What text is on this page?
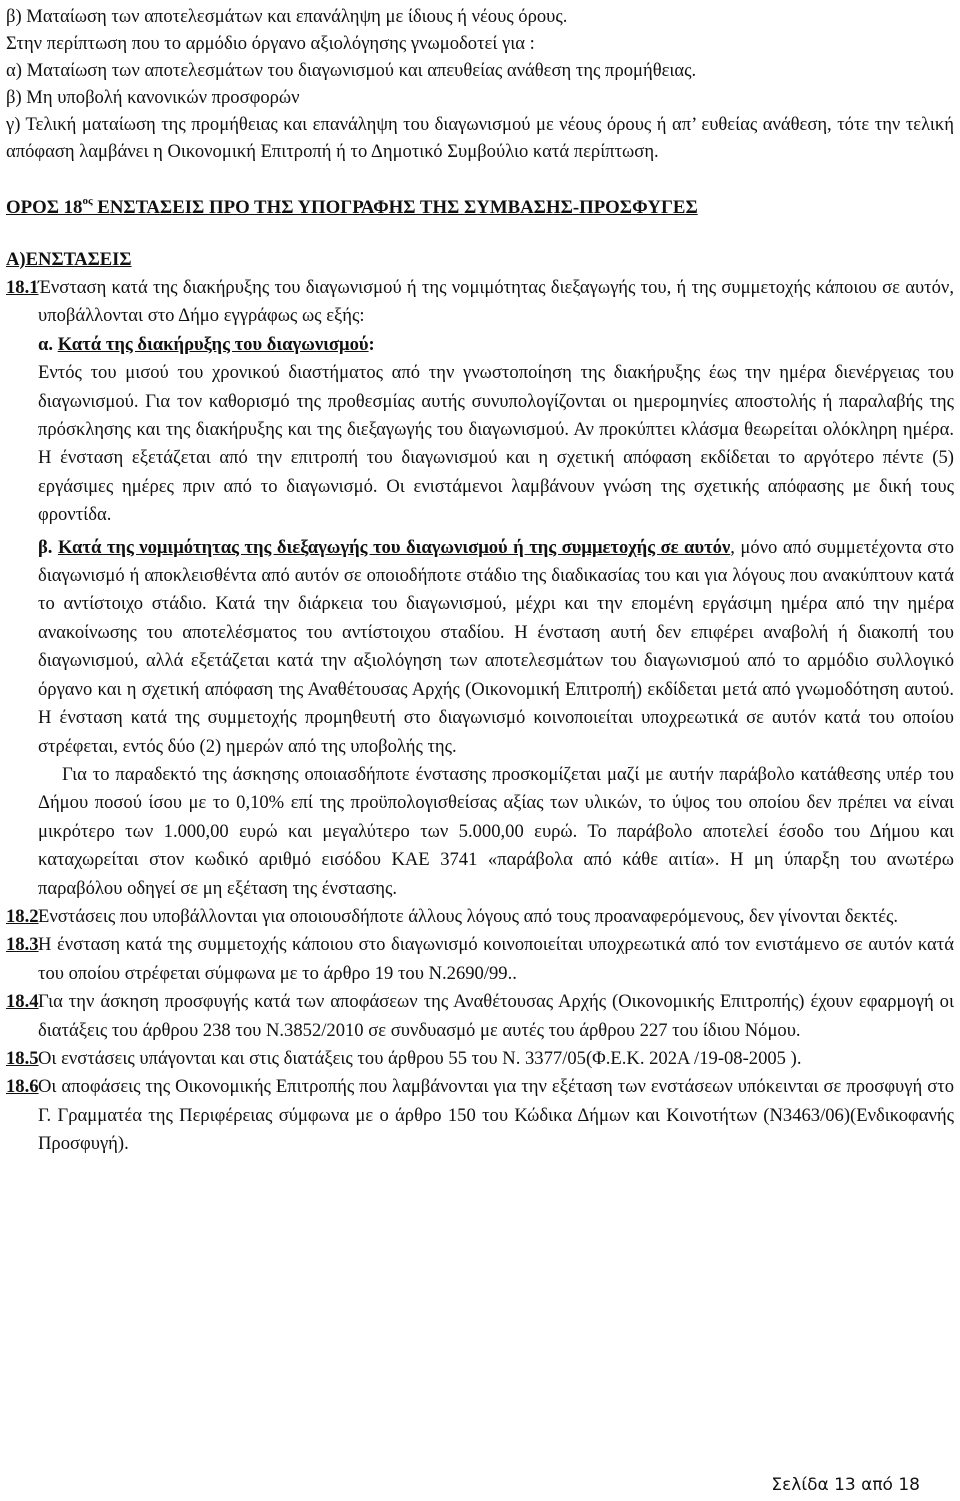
β) Ματαίωση των αποτελεσμάτων και επανάληψη με ίδιους ή νέους όρους.

Στην περίπτωση που το αρμόδιο όργανο αξιολόγησης γνωμοδοτεί για :

α) Ματαίωση των αποτελεσμάτων του διαγωνισμού και απευθείας ανάθεση της προμήθειας.

β) Μη υποβολή κανονικών προσφορών

γ) Τελική ματαίωση της προμήθειας και επανάληψη του διαγωνισμού με νέους όρους ή απ’ ευθείας ανάθεση, τότε την τελική απόφαση λαμβάνει η Οικονομική Επιτροπή ή το Δημοτικό Συμβούλιο κατά περίπτωση.

ΟΡΟΣ $18^{o\varsigma}$ ΕΝΣΤΑΣΕΙΣ ΠΡΟ ΤΗΣ ΥΠΟΓΡΑΦΗΣ ΤΗΣ ΣΥΜΒΑΣΗΣ-ΠΡΟΣΦΥΓΕΣ
Α)ΕΝΣΤΑΣΕΙΣ
18.1 Ένσταση κατά της διακήρυξης του διαγωνισμού ή της νομιμότητας διεξαγωγής του, ή της συμμετοχής κάποιου σε αυτόν, υποβάλλονται στο Δήμο εγγράφως ως εξής:

α. Κατά της διακήρυξης του διαγωνισμού:

Εντός του μισού του χρονικού διαστήματος από την γνωστοποίηση της διακήρυξης έως την ημέρα διενέργειας του διαγωνισμού. Για τον καθορισμό της προθεσμίας αυτής συνυπολογίζονται οι ημερομηνίες αποστολής ή παραλαβής της πρόσκλησης και της διακήρυξης και της διεξαγωγής του διαγωνισμού. Αν προκύπτει κλάσμα θεωρείται ολόκληρη ημέρα. Η ένσταση εξετάζεται από την επιτροπή του διαγωνισμού και η σχετική απόφαση εκδίδεται το αργότερο πέντε (5) εργάσιμες ημέρες πριν από το διαγωνισμό. Οι ενιστάμενοι λαμβάνουν γνώση της σχετικής απόφασης με δική τους φροντίδα.

β. Κατά της νομιμότητας της διεξαγωγής του διαγωνισμού ή της συμμετοχής σε αυτόν, μόνο από συμμετέχοντα στο διαγωνισμό ή αποκλεισθέντα από αυτόν σε οποιοδήποτε στάδιο της διαδικασίας του και για λόγους που ανακύπτουν κατά το αντίστοιχο στάδιο. Κατά την διάρκεια του διαγωνισμού, μέχρι και την επομένη εργάσιμη ημέρα από την ημέρα ανακοίνωσης του αποτελέσματος του αντίστοιχου σταδίου. Η ένσταση αυτή δεν επιφέρει αναβολή ή διακοπή του διαγωνισμού, αλλά εξετάζεται κατά την αξιολόγηση των αποτελεσμάτων του διαγωνισμού από το αρμόδιο συλλογικό όργανο και η σχετική απόφαση της Αναθέτουσας Αρχής (Οικονομική Επιτροπή) εκδίδεται μετά από γνωμοδότηση αυτού. Η ένσταση κατά της συμμετοχής προμηθευτή στο διαγωνισμό κοινοποιείται υποχρεωτικά σε αυτόν κατά του οποίου στρέφεται, εντός δύο (2) ημερών από της υποβολής της.

Για το παραδεκτό της άσκησης οποιασδήποτε ένστασης προσκομίζεται μαζί με αυτήν παράβολο κατάθεσης υπέρ του Δήμου ποσού ίσου με το 0,10% επί της προϋπολογισθείσας αξίας των υλικών, το ύψος του οποίου δεν πρέπει να είναι μικρότερο των 1.000,00 ευρώ και μεγαλύτερο των 5.000,00 ευρώ. Το παράβολο αποτελεί έσοδο του Δήμου και καταχωρείται στον κωδικό αριθμό εισόδου ΚΑΕ 3741 «παράβολα από κάθε αιτία». Η μη ύπαρξη του ανωτέρω παραβόλου οδηγεί σε μη εξέταση της ένστασης.

18.2 Ενστάσεις που υποβάλλονται για οποιουσδήποτε άλλους λόγους από τους προαναφερόμενους, δεν γίνονται δεκτές.

18.3 Η ένσταση κατά της συμμετοχής κάποιου στο διαγωνισμό κοινοποιείται υποχρεωτικά από τον ενιστάμενο σε αυτόν κατά του οποίου στρέφεται σύμφωνα με το άρθρο 19 του Ν.2690/99..

18.4 Για την άσκηση προσφυγής κατά των αποφάσεων της Αναθέτουσας Αρχής (Οικονομικής Επιτροπής) έχουν εφαρμογή οι διατάξεις του άρθρου 238 του Ν.3852/2010 σε συνδυασμό με αυτές του άρθρου 227 του ίδιου Νόμου.

18.5 Οι ενστάσεις υπάγονται και στις διατάξεις του άρθρου 55 του Ν. 3377/05(Φ.Ε.Κ. 202Α /19-08-2005 ).

18.6 Οι αποφάσεις της Οικονομικής Επιτροπής που λαμβάνονται για την εξέταση των ενστάσεων υπόκεινται σε προσφυγή στο Γ. Γραμματέα της Περιφέρειας σύμφωνα με ο άρθρο 150 του Κώδικα Δήμων και Κοινοτήτων (Ν3463/06)(Ενδικοφανής Προσφυγή).

Σελίδα 13 από 18
